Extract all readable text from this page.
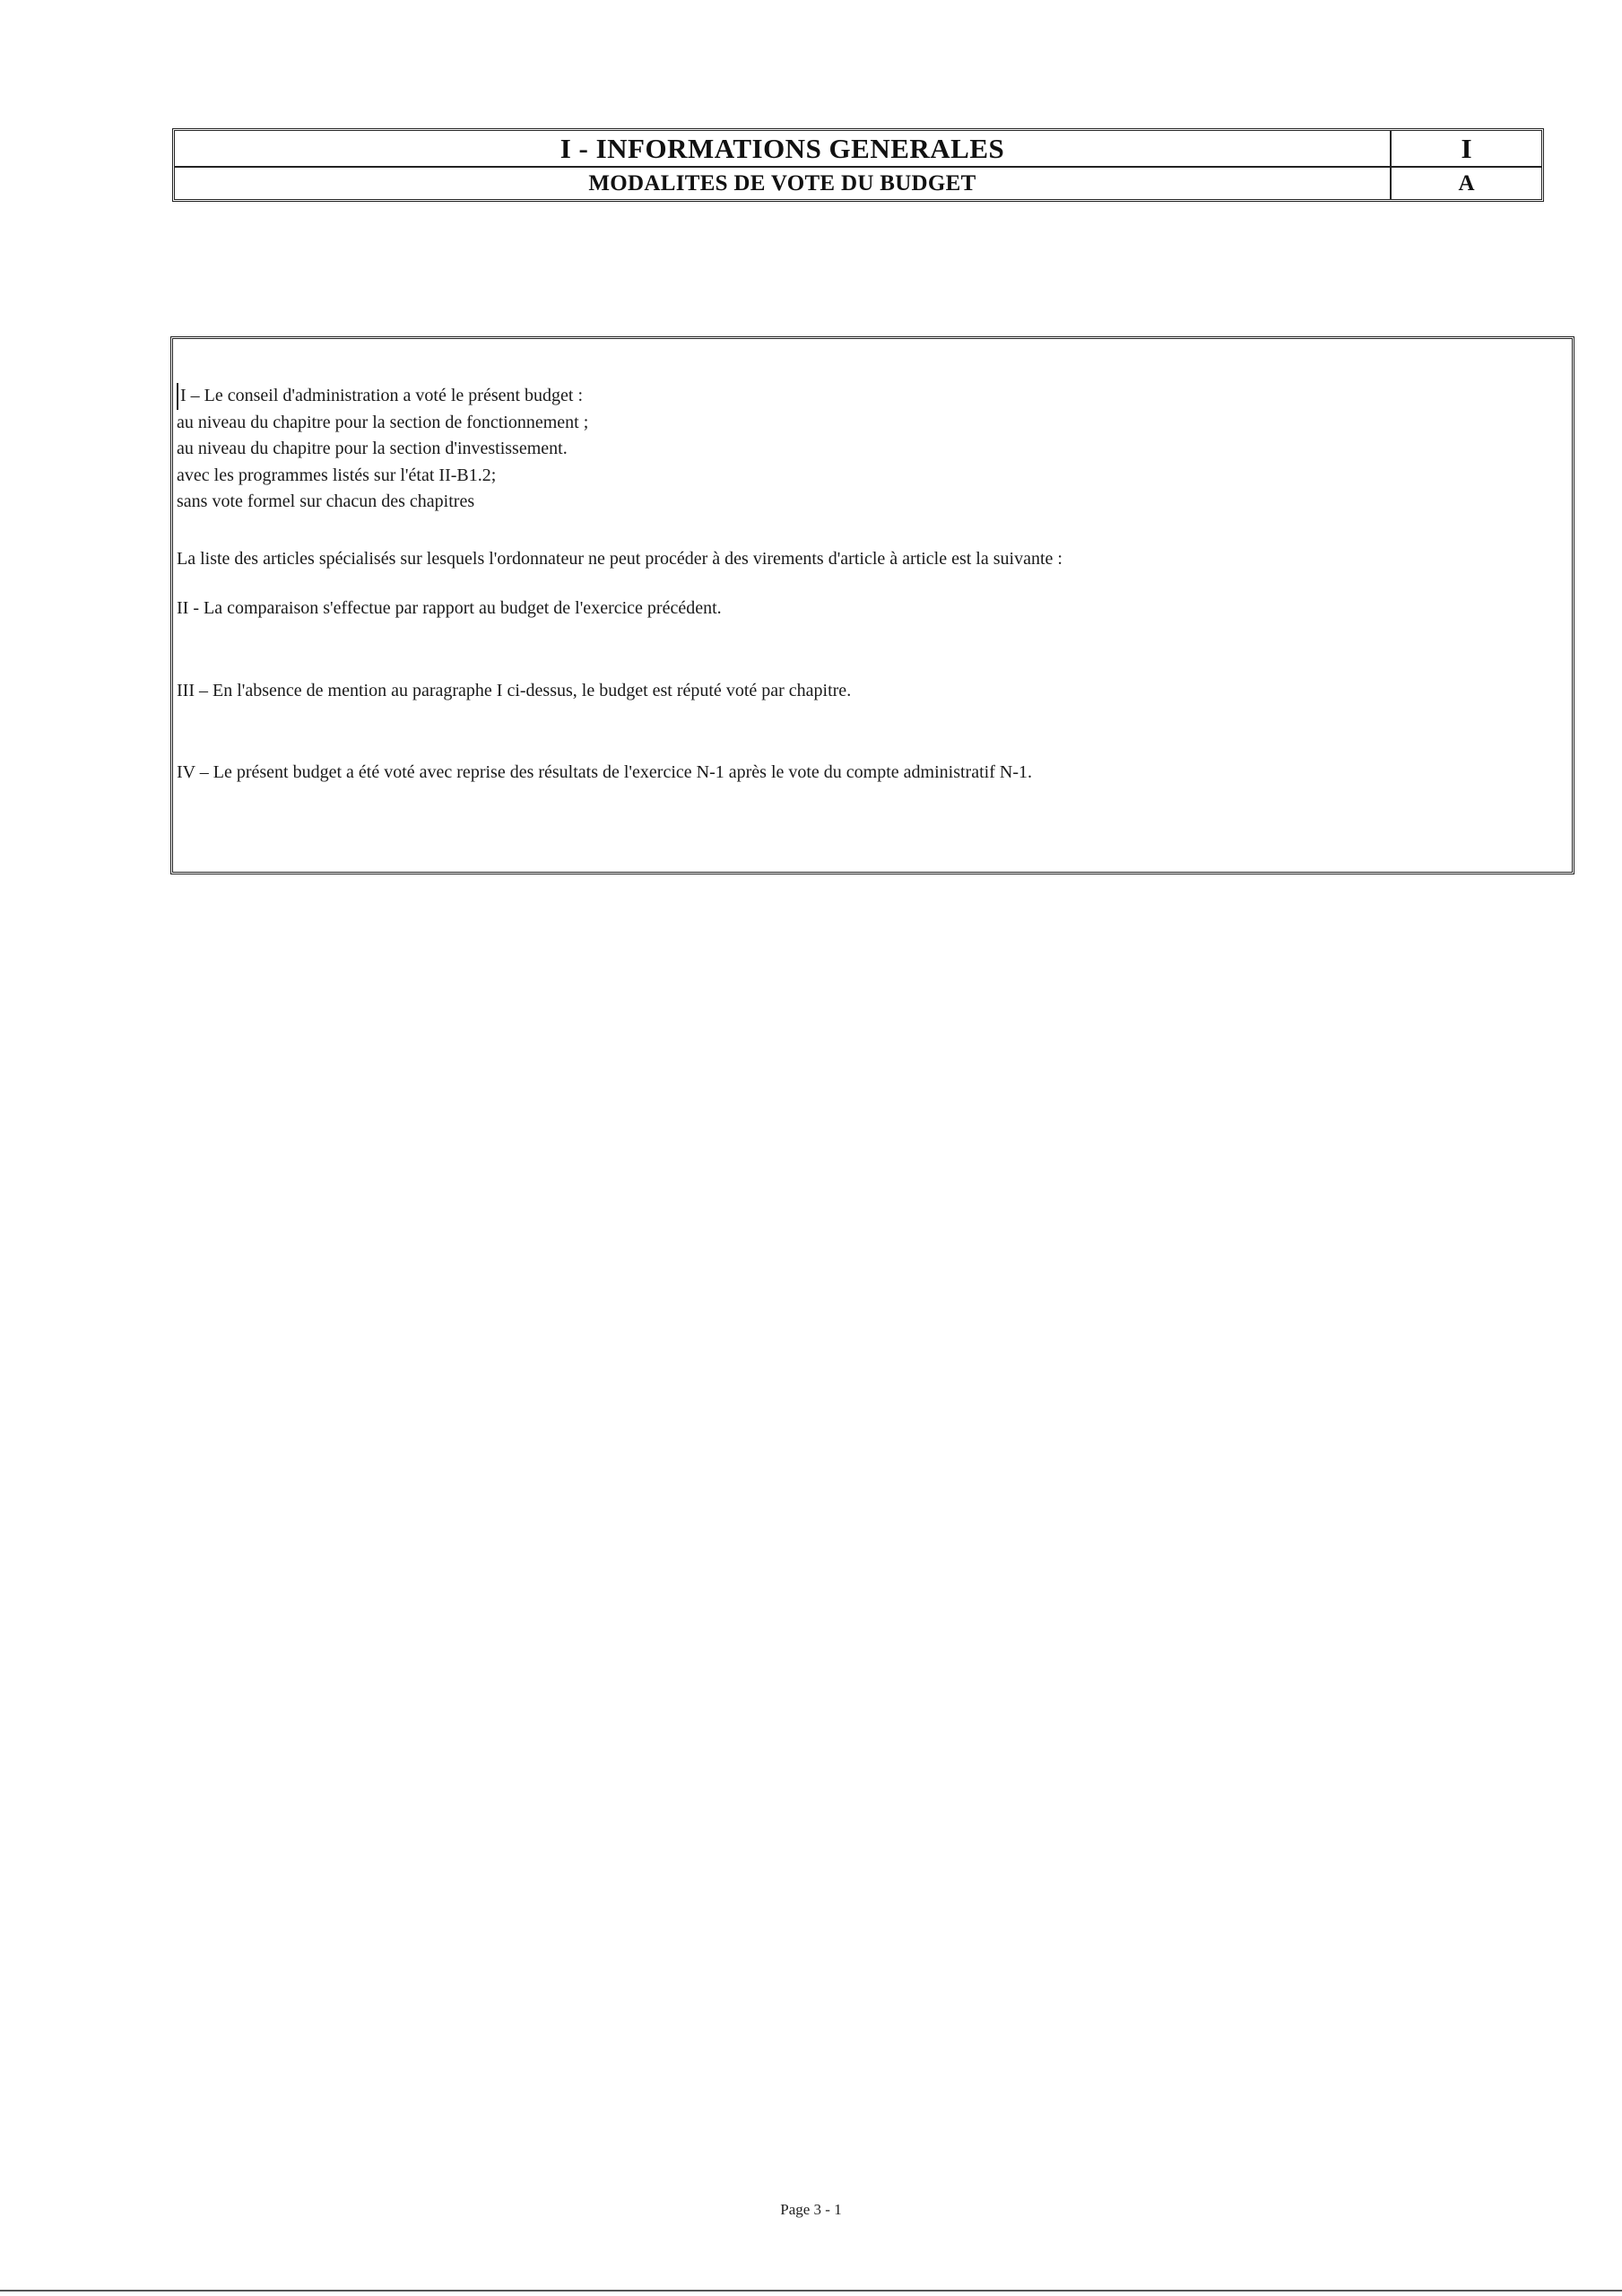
I - INFORMATIONS GENERALES	I
MODALITES DE VOTE DU BUDGET	A
I – Le conseil d'administration a voté le présent budget :
au niveau du chapitre pour la section de fonctionnement ;
au niveau du chapitre pour la section d'investissement.
avec les programmes listés sur l'état II-B1.2;
sans vote formel sur chacun des chapitres
La liste des articles spécialisés sur lesquels l'ordonnateur ne peut procéder à des virements d'article à article est la suivante :
II - La comparaison s'effectue par rapport au budget de l'exercice précédent.
III – En l'absence de mention au paragraphe I ci-dessus, le budget est réputé voté par chapitre.
IV – Le présent budget a été voté avec reprise des résultats de l'exercice N-1 après le vote du compte administratif N-1.
Page 3 - 1
